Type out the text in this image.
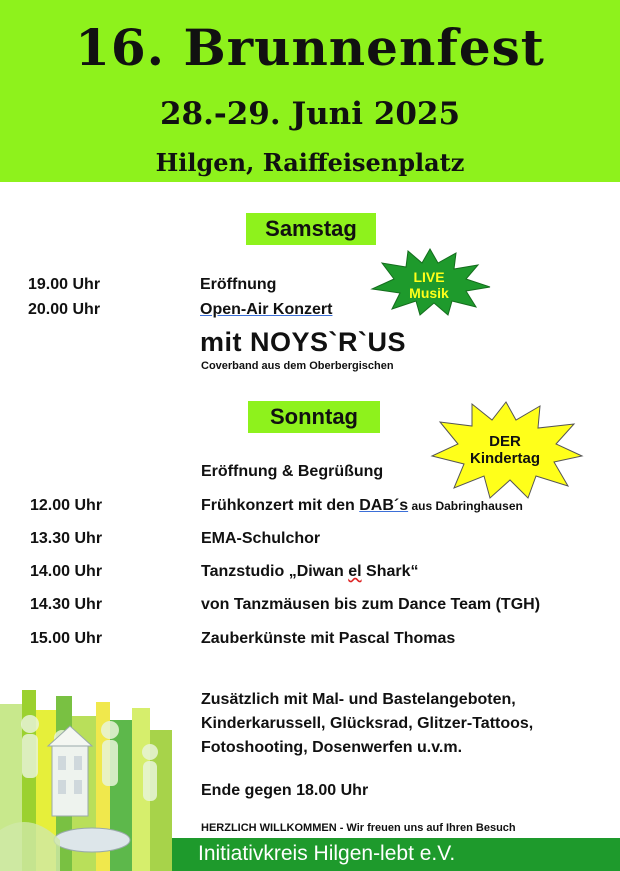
16. Brunnenfest
28.-29. Juni 2025
Hilgen, Raiffeisenplatz
Samstag
19.00 Uhr	Eröffnung
20.00 Uhr	Open-Air Konzert
mit NOYS`R`US
Coverband aus dem Oberbergischen
LIVE
Musik
Sonntag
DER
Kindertag
Eröffnung & Begrüßung
12.00 Uhr	Frühkonzert mit den DAB´s aus Dabringhausen
13.30 Uhr	EMA-Schulchor
14.00 Uhr	Tanzstudio „Diwan el Shark“
14.30 Uhr	von Tanzmäusen bis zum Dance Team (TGH)
15.00 Uhr	Zauberkünste mit Pascal Thomas
Zusätzlich mit Mal- und Bastelangeboten,
Kinderkarussell, Glücksrad, Glitzer-Tattoos,
Fotoshooting, Dosenwerfen u.v.m.
Ende gegen 18.00 Uhr
HERZLICH WILLKOMMEN - Wir freuen uns auf Ihren Besuch
Initiativkreis Hilgen-lebt e.V.
